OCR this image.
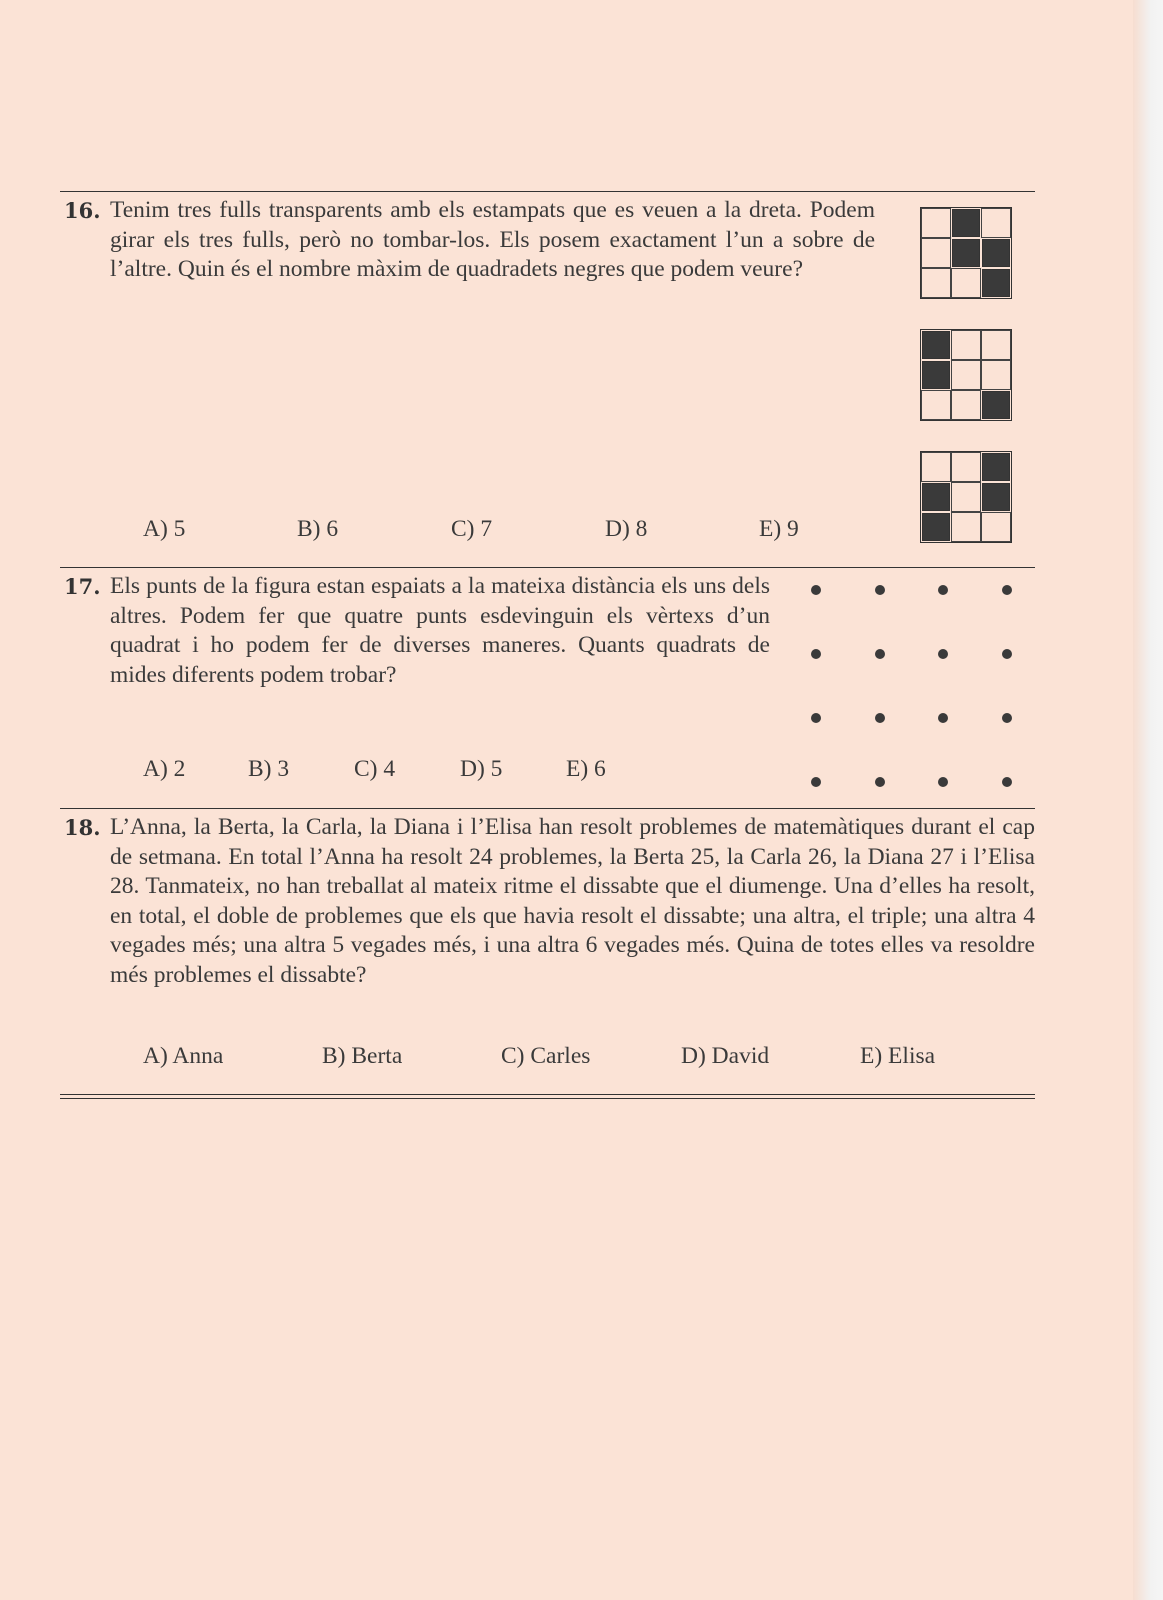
16. Tenim tres fulls transparents amb els estampats que es veuen a la dreta. Podem girar els tres fulls, però no tombar-los. Els posem exactament l’un a sobre de l’altre. Quin és el nombre màxim de quadradets negres que podem veure?
A) 5	B) 6	C) 7	D) 8	E) 9
17. Els punts de la figura estan espaiats a la mateixa distància els uns dels altres. Podem fer que quatre punts esdevinguin els vèrtexs d’un quadrat i ho podem fer de diverses maneres. Quants quadrats de mides diferents podem trobar?
A) 2	B) 3	C) 4	D) 5	E) 6
18. L’Anna, la Berta, la Carla, la Diana i l’Elisa han resolt problemes de matemàtiques durant el cap de setmana. En total l’Anna ha resolt 24 problemes, la Berta 25, la Carla 26, la Diana 27 i l’Elisa 28. Tanmateix, no han treballat al mateix ritme el dissabte que el diumenge. Una d’elles ha resolt, en total, el doble de problemes que els que havia resolt el dissabte; una altra, el triple; una altra 4 vegades més; una altra 5 vegades més, i una altra 6 vegades més. Quina de totes elles va resoldre més problemes el dissabte?
A) Anna	B) Berta	C) Carles	D) David	E) Elisa
